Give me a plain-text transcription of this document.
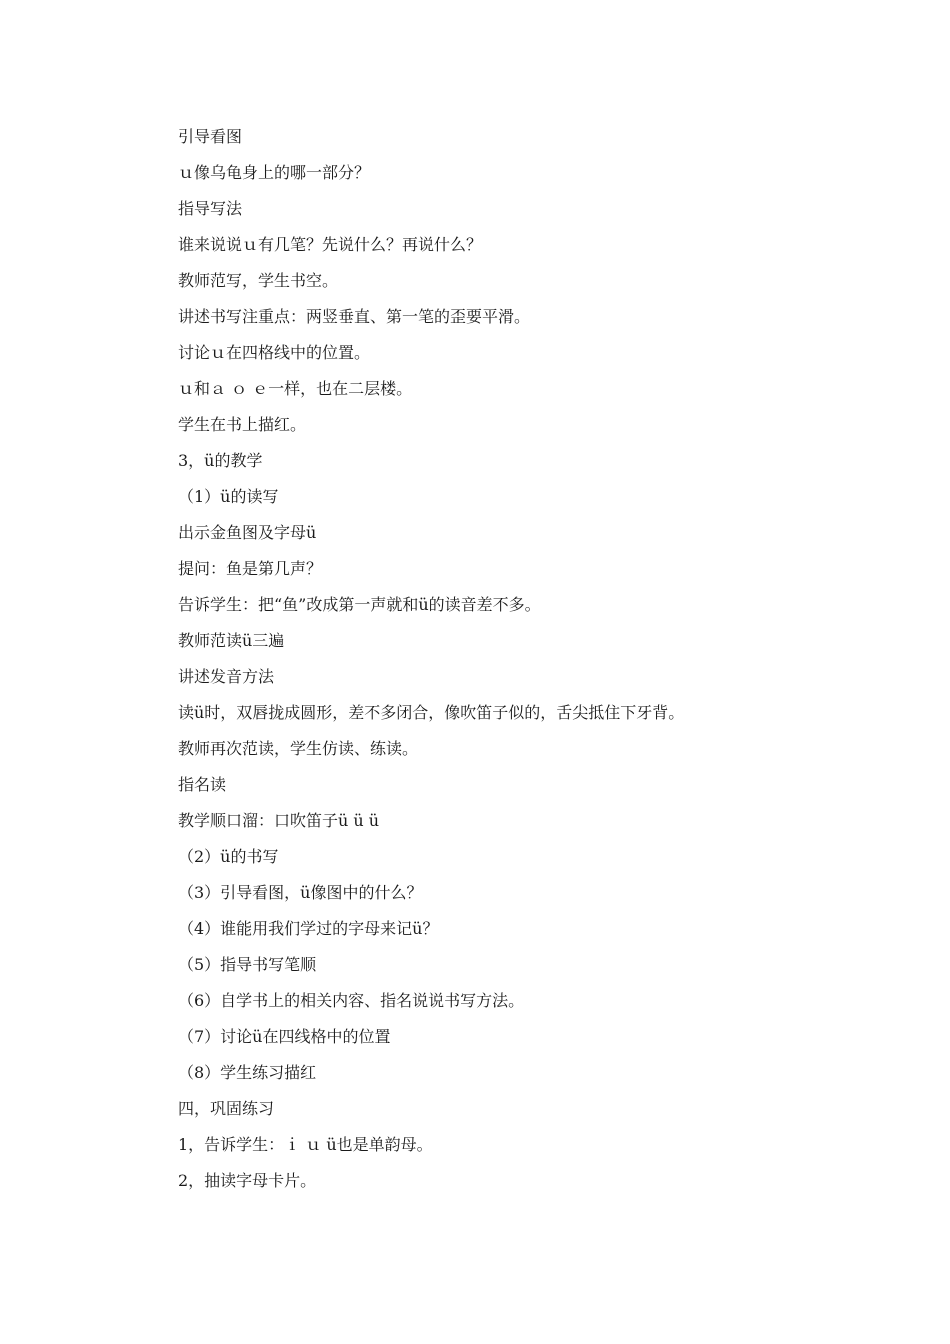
引导看图
ｕ像乌龟身上的哪一部分？
指导写法
谁来说说ｕ有几笔？先说什么？再说什么？
教师范写，学生书空。
讲述书写注重点：两竖垂直、第一笔的歪要平滑。
讨论ｕ在四格线中的位置。
ｕ和ａ ｏ ｅ一样，也在二层楼。
学生在书上描红。
3，ü的教学
（1）ü的读写
出示金鱼图及字母ü
提问：鱼是第几声？
告诉学生：把“鱼”改成第一声就和ü的读音差不多。
教师范读ü三遍
讲述发音方法
读ü时，双唇拢成圆形，差不多闭合，像吹笛子似的，舌尖抵住下牙背。
教师再次范读，学生仿读、练读。
指名读
教学顺口溜：口吹笛子ü ü ü
（2）ü的书写
（3）引导看图，ü像图中的什么？
（4）谁能用我们学过的字母来记ü？
（5）指导书写笔顺
（6）自学书上的相关内容、指名说说书写方法。
（7）讨论ü在四线格中的位置
（8）学生练习描红
四，巩固练习
1，告诉学生：ｉ ｕ ü也是单韵母。
2，抽读字母卡片。
